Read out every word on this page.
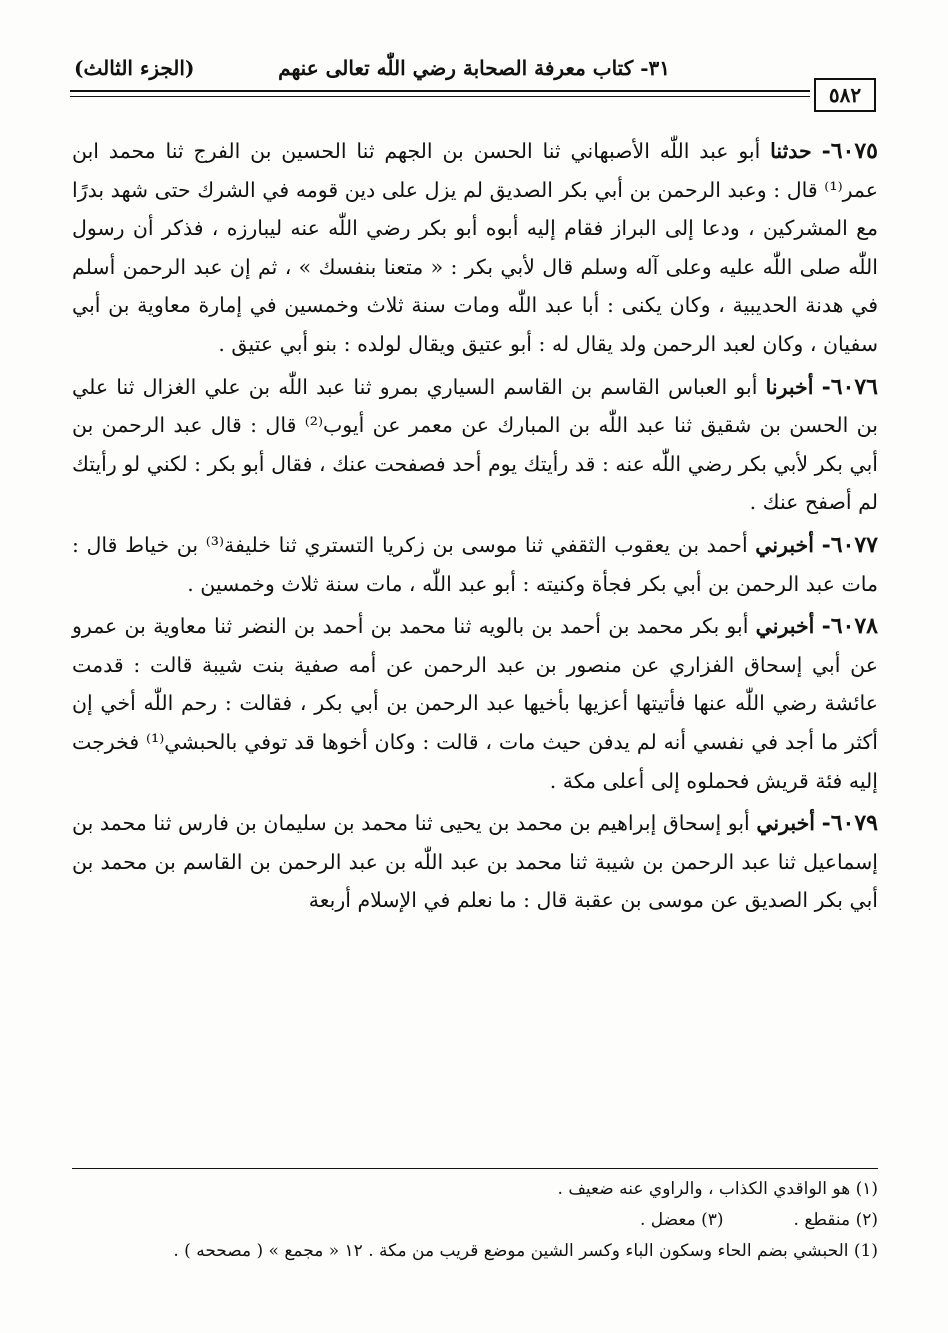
٣١- كتاب معرفة الصحابة رضي اللّٰه تعالى عنهم
(الجزء الثالث)
٥٨٢

٦٠٧٥- حدثنا أبو عبد اللّٰه الأصبهاني ثنا الحسن بن الجهم ثنا الحسين بن الفرج ثنا محمد ابن عمر⁽¹⁾ قال : وعبد الرحمن بن أبي بكر الصديق لم يزل على دين قومه في الشرك حتى شهد بدرًا مع المشركين ، ودعا إلى البراز فقام إليه أبوه أبو بكر رضي اللّٰه عنه ليبارزه ، فذكر أن رسول اللّٰه صلى اللّٰه عليه وعلى آله وسلم قال لأبي بكر : « متعنا بنفسك » ، ثم إن عبد الرحمن أسلم في هدنة الحديبية ، وكان يكنى : أبا عبد اللّٰه ومات سنة ثلاث وخمسين في إمارة معاوية بن أبي سفيان ، وكان لعبد الرحمن ولد يقال له : أبو عتيق ويقال لولده : بنو أبي عتيق .

٦٠٧٦- أخبرنا أبو العباس القاسم بن القاسم السياري بمرو ثنا عبد اللّٰه بن علي الغزال ثنا علي بن الحسن بن شقيق ثنا عبد اللّٰه بن المبارك عن معمر عن أيوب⁽²⁾ قال : قال عبد الرحمن بن أبي بكر لأبي بكر رضي اللّٰه عنه : قد رأيتك يوم أحد فصفحت عنك ، فقال أبو بكر : لكني لو رأيتك لم أصفح عنك .

٦٠٧٧- أخبرني أحمد بن يعقوب الثقفي ثنا موسى بن زكريا التستري ثنا خليفة⁽³⁾ بن خياط قال : مات عبد الرحمن بن أبي بكر فجأة وكنيته : أبو عبد اللّٰه ، مات سنة ثلاث وخمسين .

٦٠٧٨- أخبرني أبو بكر محمد بن أحمد بن بالويه ثنا محمد بن أحمد بن النضر ثنا معاوية بن عمرو عن أبي إسحاق الفزاري عن منصور بن عبد الرحمن عن أمه صفية بنت شيبة قالت : قدمت عائشة رضي اللّٰه عنها فأتيتها أعزيها بأخيها عبد الرحمن بن أبي بكر ، فقالت : رحم اللّٰه أخي إن أكثر ما أجد في نفسي أنه لم يدفن حيث مات ، قالت : وكان أخوها قد توفي بالحبشي⁽¹⁾ فخرجت إليه فئة قريش فحملوه إلى أعلى مكة .

٦٠٧٩- أخبرني أبو إسحاق إبراهيم بن محمد بن يحيى ثنا محمد بن سليمان بن فارس ثنا محمد بن إسماعيل ثنا عبد الرحمن بن شيبة ثنا محمد بن عبد اللّٰه بن عبد الرحمن بن القاسم بن محمد بن أبي بكر الصديق عن موسى بن عقبة قال : ما نعلم في الإسلام أربعة

(١) هو الواقدي الكذاب ، والراوي عنه ضعيف .
(٢) منقطع .
(٣) معضل .
(1) الحبشي بضم الحاء وسكون الباء وكسر الشين موضع قريب من مكة . ١٢ « مجمع » ( مصححه ) .
